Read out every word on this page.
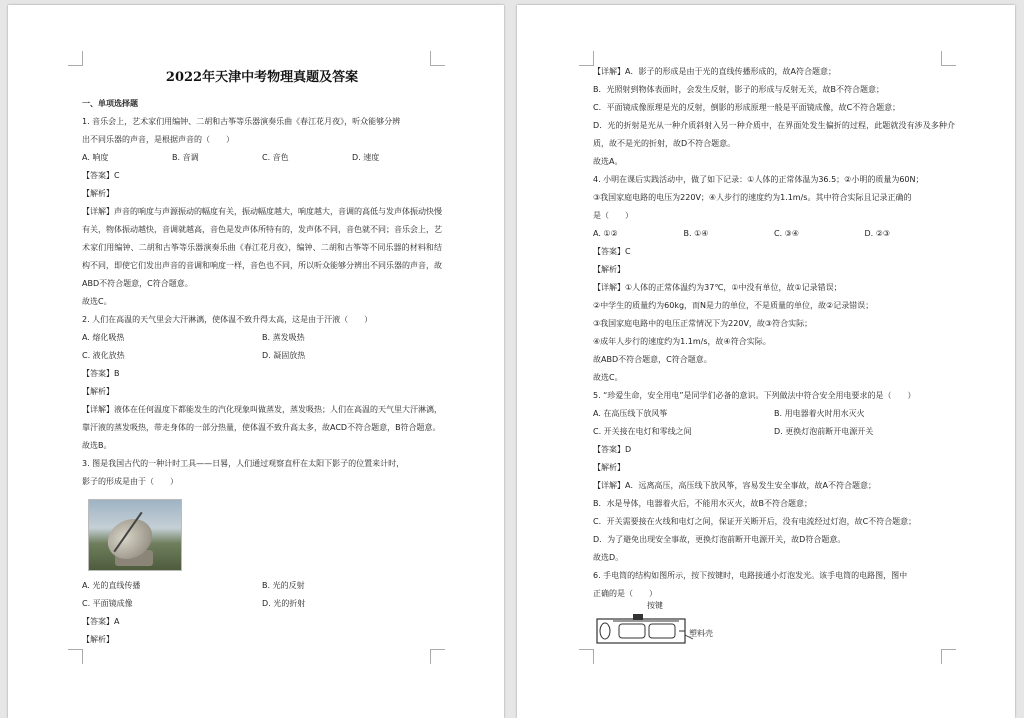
2022年天津中考物理真题及答案
一、单项选择题
1. 音乐会上，艺术家们用编钟、二胡和古筝等乐器演奏乐曲《春江花月夜》，听众能够分辨
出不同乐器的声音，是根据声音的（　　）
A. 响度	B. 音调	C. 音色	D. 速度
【答案】C
【解析】
【详解】声音的响度与声源振动的幅度有关，振动幅度越大，响度越大，音调的高低与发声体振动快慢有关，物体振动越快，音调就越高，音色是发声体所特有的，发声体不同，音色就不同；音乐会上，艺术家们用编钟、二胡和古筝等乐器演奏乐曲《春江花月夜》，编钟、二胡和古筝等不同乐器的材料和结构不同，即使它们发出声音的音调和响度一样，音色也不同，所以听众能够分辨出不同乐器的声音，故ABD不符合题意，C符合题意。
故选C。
2. 人们在高温的天气里会大汗淋漓，使体温不致升得太高，这是由于汗液（　　）
A. 熔化吸热	B. 蒸发吸热
C. 液化放热	D. 凝固放热
【答案】B
【解析】
【详解】液体在任何温度下都能发生的汽化现象叫做蒸发，蒸发吸热；人们在高温的天气里大汗淋漓，靠汗液的蒸发吸热，带走身体的一部分热量，使体温不致升高太多，故ACD不符合题意，B符合题意。
故选B。
3. 图是我国古代的一种计时工具——日晷，人们通过观察直杆在太阳下影子的位置来计时，
影子的形成是由于（　　）
A. 光的直线传播	B. 光的反射
C. 平面镜成像	D. 光的折射
【答案】A
【解析】
【详解】A．影子的形成是由于光的直线传播形成的，故A符合题意；
B．光照射到物体表面时，会发生反射，影子的形成与反射无关，故B不符合题意；
C．平面镜成像原理是光的反射，倒影的形成原理一般是平面镜成像，故C不符合题意；
D．光的折射是光从一种介质斜射入另一种介质中，在界面处发生偏折的过程，此题就没有涉及多种介质，故不是光的折射，故D不符合题意。
故选A。
4. 小明在课后实践活动中，做了如下记录：①人体的正常体温为36.5；②小明的质量为60N；
③我国家庭电路的电压为220V；④人步行的速度约为1.1m/s。其中符合实际且记录正确的
是（　　）
A. ①②	B. ①④	C. ③④	D. ②③
【答案】C
【解析】
【详解】①人体的正常体温约为37℃，①中没有单位，故①记录错误；
②中学生的质量约为60kg，而N是力的单位，不是质量的单位，故②记录错误；
③我国家庭电路中的电压正常情况下为220V，故③符合实际；
④成年人步行的速度约为1.1m/s，故④符合实际。
故ABD不符合题意，C符合题意。
故选C。
5. “珍爱生命，安全用电”是同学们必备的意识。下列做法中符合安全用电要求的是（　　）
A. 在高压线下放风筝	B. 用电器着火时用水灭火
C. 开关接在电灯和零线之间	D. 更换灯泡前断开电源开关
【答案】D
【解析】
【详解】A．远离高压，高压线下放风筝，容易发生安全事故，故A不符合题意；
B．水是导体，电器着火后，不能用水灭火，故B不符合题意；
C．开关需要接在火线和电灯之间，保证开关断开后，没有电流经过灯泡，故C不符合题意；
D．为了避免出现安全事故，更换灯泡前断开电源开关，故D符合题意。
故选D。
6. 手电筒的结构如图所示，按下按键时，电路接通小灯泡发光。该手电筒的电路图，图中
正确的是（　　）
按键
塑料壳
